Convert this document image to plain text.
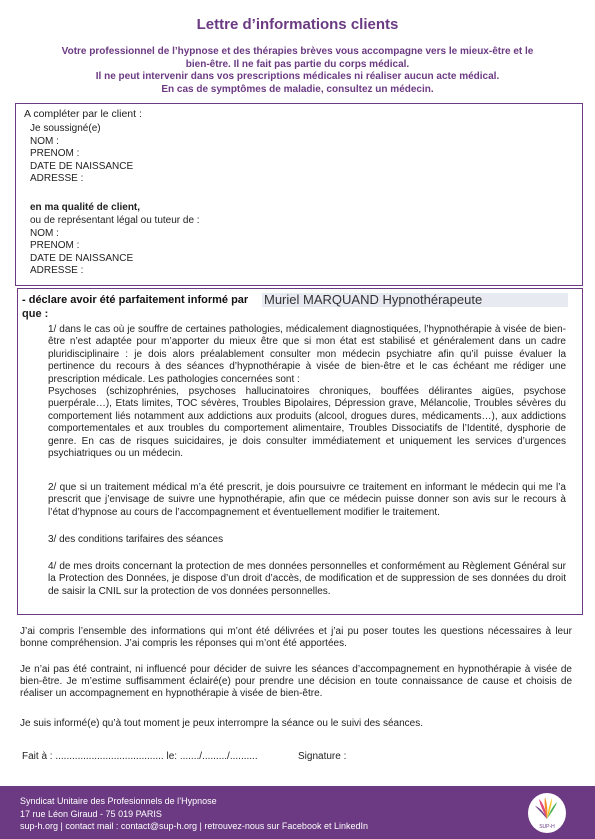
Lettre d’informations clients
Votre professionnel de l’hypnose et des thérapies brèves vous accompagne vers le mieux-être et le
bien-être. Il ne fait pas partie du corps médical.
Il ne peut intervenir dans vos prescriptions médicales ni réaliser aucun acte médical.
En cas de symptômes de maladie, consultez un médecin.
A compléter par le client :
Je soussigné(e)
NOM :
PRENOM :
DATE DE NAISSANCE
ADRESSE :
en ma qualité de client,
ou de représentant légal ou tuteur de :
NOM :
PRENOM :
DATE DE NAISSANCE
ADRESSE :
- déclare avoir été parfaitement informé par Muriel MARQUAND Hypnothérapeute
que :
1/ dans le cas où je souffre de certaines pathologies, médicalement diagnostiquées, l’hypnothérapie à visée de bien-être n’est adaptée pour m’apporter du mieux être que si mon état est stabilisé et généralement dans un cadre pluridisciplinaire : je dois alors préalablement consulter mon médecin psychiatre afin qu’il puisse évaluer la pertinence du recours à des séances d’hypnothérapie à visée de bien-être et le cas échéant me rédiger une prescription médicale. Les pathologies concernées sont :
Psychoses (schizophrénies, psychoses hallucinatoires chroniques, bouffées délirantes aigües, psychose puerpérale…), Etats limites, TOC sévères, Troubles Bipolaires, Dépression grave, Mélancolie, Troubles sévères du comportement liés notamment aux addictions aux produits (alcool, drogues dures, médicaments…), aux addictions comportementales et aux troubles du comportement alimentaire, Troubles Dissociatifs de l’Identité, dysphorie de genre. En cas de risques suicidaires, je dois consulter immédiatement et uniquement les services d’urgences psychiatriques ou un médecin.
2/ que si un traitement médical m’a été prescrit, je dois poursuivre ce traitement en informant le médecin qui me l’a prescrit que j’envisage de suivre une hypnothérapie, afin que ce médecin puisse donner son avis sur le recours à l’état d’hypnose au cours de l’accompagnement et éventuellement modifier le traitement.
3/ des conditions tarifaires des séances
4/ de mes droits concernant la protection de mes données personnelles et conformément au Règlement Général sur la Protection des Données, je dispose d’un droit d’accès, de modification et de suppression de ses données du droit de saisir la CNIL sur la protection de vos données personnelles.
J’ai compris l’ensemble des informations qui m’ont été délivrées et j’ai pu poser toutes les questions nécessaires à leur bonne compréhension. J’ai compris les réponses qui m’ont été apportées.
Je n’ai pas été contraint, ni influencé pour décider de suivre les séances d’accompagnement en hypnothérapie à visée de bien-être. Je m’estime suffisamment éclairé(e) pour prendre une décision en toute connaissance de cause et choisis de réaliser un accompagnement en hypnothérapie à visée de bien-être.
Je suis informé(e) qu’à tout moment je peux interrompre la séance ou le suivi des séances.
Fait à : ....................................... le: ......./........./..........	Signature :
Syndicat Unitaire des Profesionnels de l’Hypnose
17 rue Léon Giraud - 75 019 PARIS
sup-h.org | contact mail : contact@sup-h.org | retrouvez-nous sur Facebook et LinkedIn	SUP-H
